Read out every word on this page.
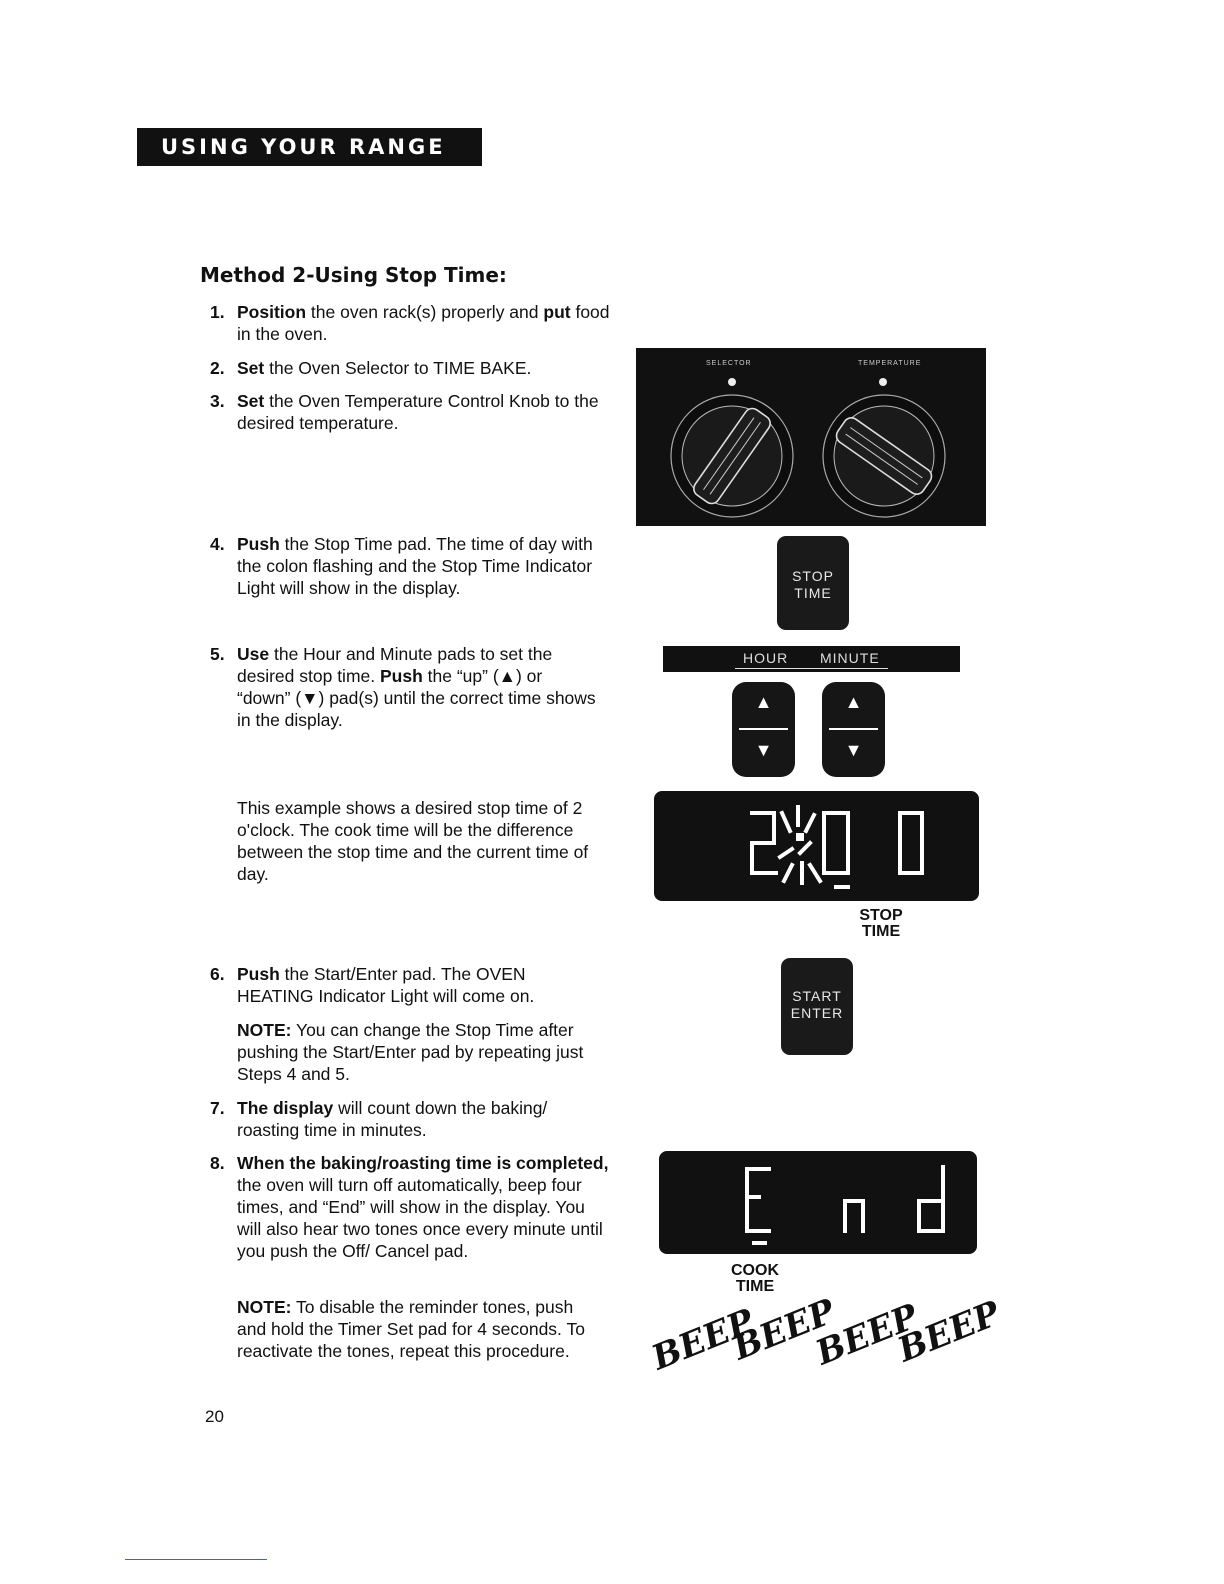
USING YOUR RANGE
Method 2-Using Stop Time:
1. Position the oven rack(s) properly and put food in the oven.
2. Set the Oven Selector to TIME BAKE.
3. Set the Oven Temperature Control Knob to the desired temperature.
4. Push the Stop Time pad. The time of day with the colon flashing and the Stop Time Indicator Light will show in the display.
5. Use the Hour and Minute pads to set the desired stop time. Push the “up” (▲) or “down” (▼) pad(s) until the correct time shows in the display.
This example shows a desired stop time of 2 o'clock. The cook time will be the difference between the stop time and the current time of day.
6. Push the Start/Enter pad. The OVEN HEATING Indicator Light will come on.
NOTE: You can change the Stop Time after pushing the Start/Enter pad by repeating just Steps 4 and 5.
7. The display will count down the baking/ roasting time in minutes.
8. When the baking/roasting time is completed, the oven will turn off automatically, beep four times, and “End” will show in the display. You will also hear two tones once every minute until you push the Off/ Cancel pad.
NOTE: To disable the reminder tones, push and hold the Timer Set pad for 4 seconds. To reactivate the tones, repeat this procedure.
20
SELECTOR	TEMPERATURE
STOP
TIME
HOUR MINUTE
▲
▼
▲
▼
STOP
TIME
START
ENTER
COOK
TIME
BEEP
BEEP
BEEP
BEEP
